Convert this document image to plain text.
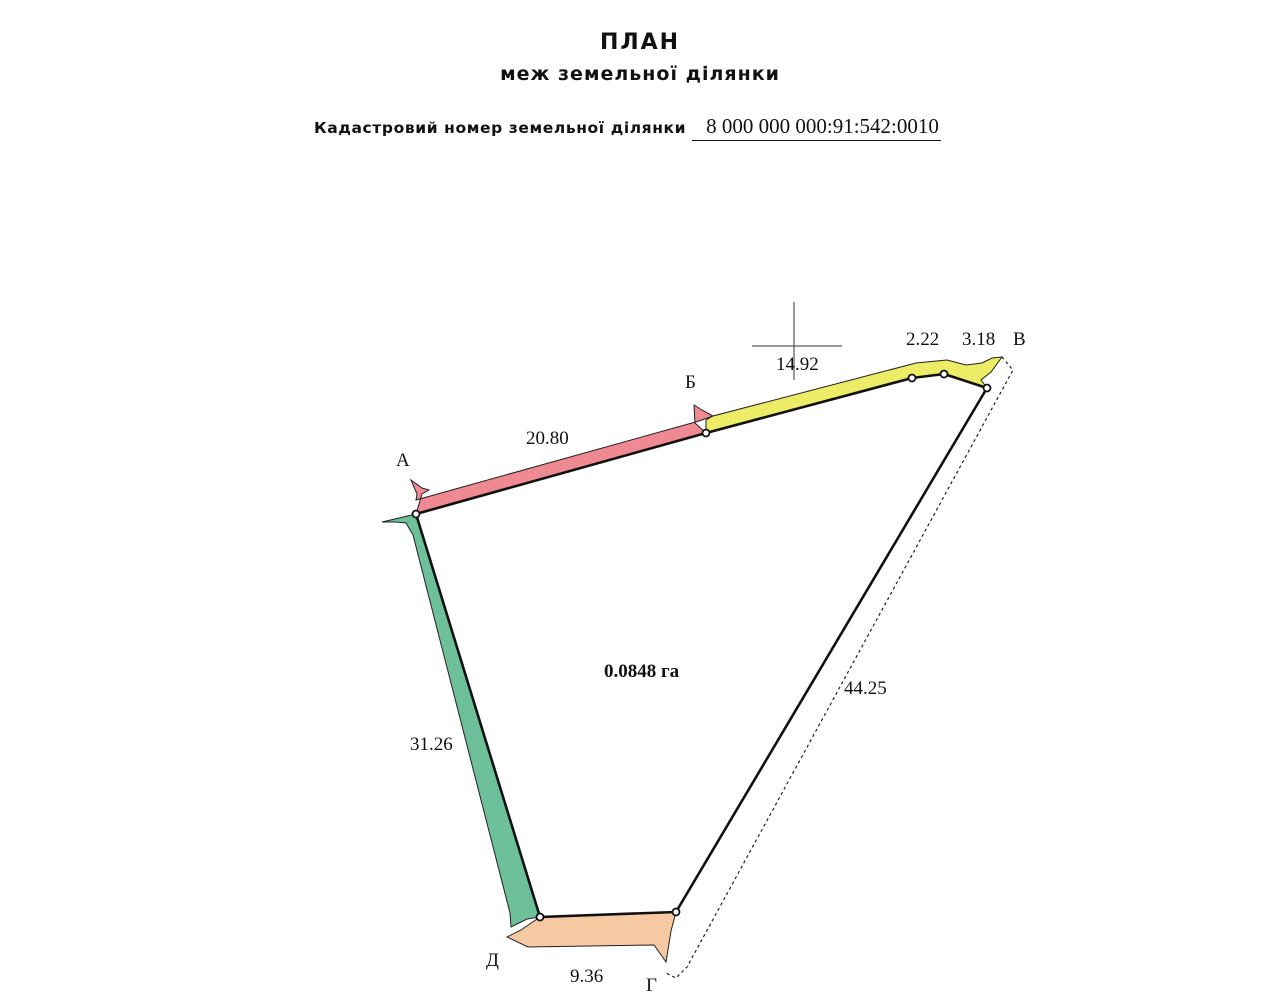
ПЛАН
меж земельної ділянки
Кадастровий номер земельної ділянки 8 000 000 000:91:542:0010
А
Б
В
Г
Д
20.80
14.92
2.22 3.18
44.25
9.36
31.26
0.0848 га
